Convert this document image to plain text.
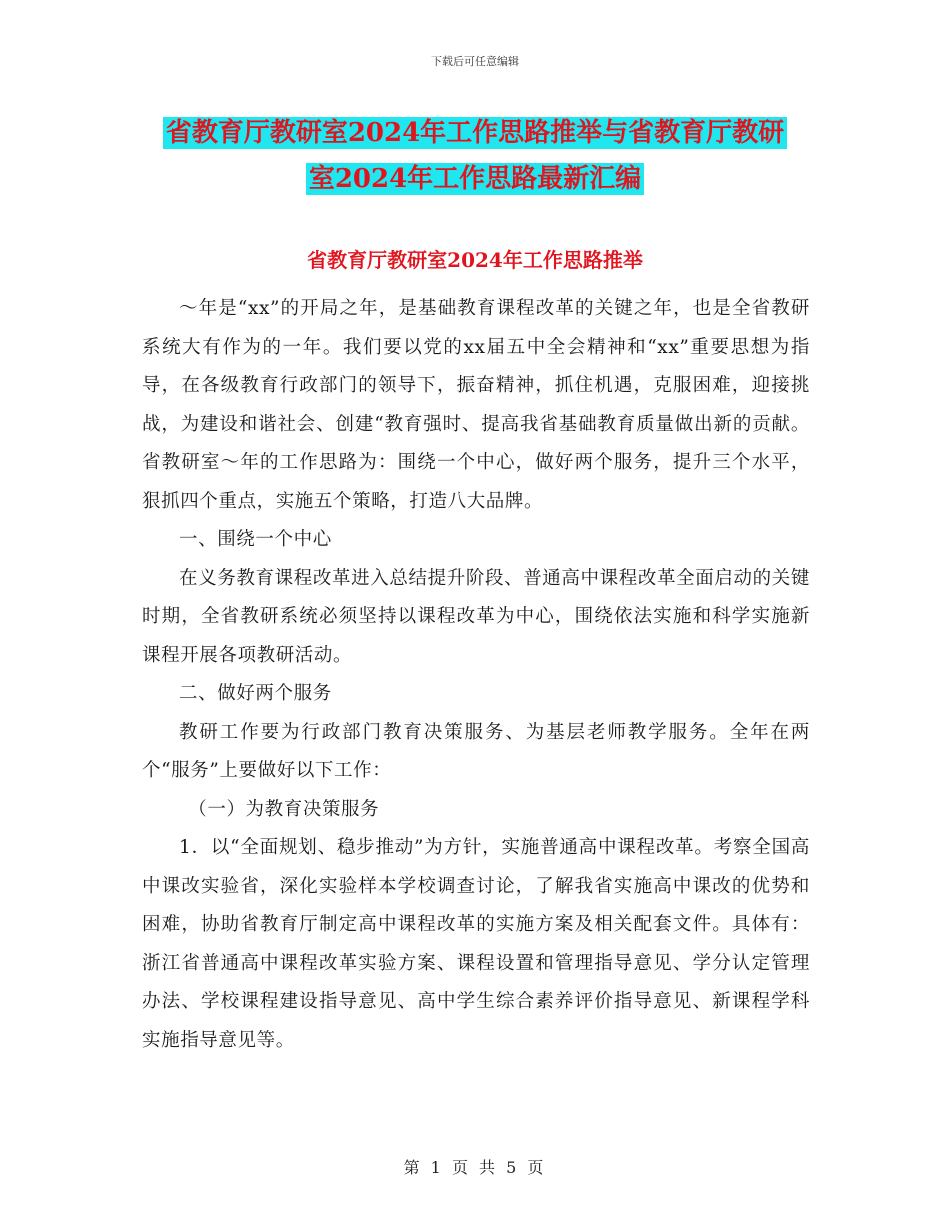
下载后可任意编辑
省教育厅教研室2024年工作思路推举与省教育厅教研
室2024年工作思路最新汇编
省教育厅教研室2024年工作思路推举

～年是“xx”的开局之年，是基础教育课程改革的关键之年，也是全省教研系统大有作为的一年。我们要以党的xx届五中全会精神和“xx”重要思想为指导，在各级教育行政部门的领导下，振奋精神，抓住机遇，克服困难，迎接挑战，为建设和谐社会、创建“教育强时、提高我省基础教育质量做出新的贡献。省教研室～年的工作思路为：围绕一个中心，做好两个服务，提升三个水平，狠抓四个重点，实施五个策略，打造八大品牌。

一、围绕一个中心

在义务教育课程改革进入总结提升阶段、普通高中课程改革全面启动的关键时期，全省教研系统必须坚持以课程改革为中心，围绕依法实施和科学实施新课程开展各项教研活动。

二、做好两个服务

教研工作要为行政部门教育决策服务、为基层老师教学服务。全年在两个“服务”上要做好以下工作：

（一）为教育决策服务

1．以“全面规划、稳步推动”为方针，实施普通高中课程改革。考察全国高中课改实验省，深化实验样本学校调查讨论，了解我省实施高中课改的优势和困难，协助省教育厅制定高中课程改革的实施方案及相关配套文件。具体有：浙江省普通高中课程改革实验方案、课程设置和管理指导意见、学分认定管理办法、学校课程建设指导意见、高中学生综合素养评价指导意见、新课程学科实施指导意见等。

第 1 页 共 5 页
